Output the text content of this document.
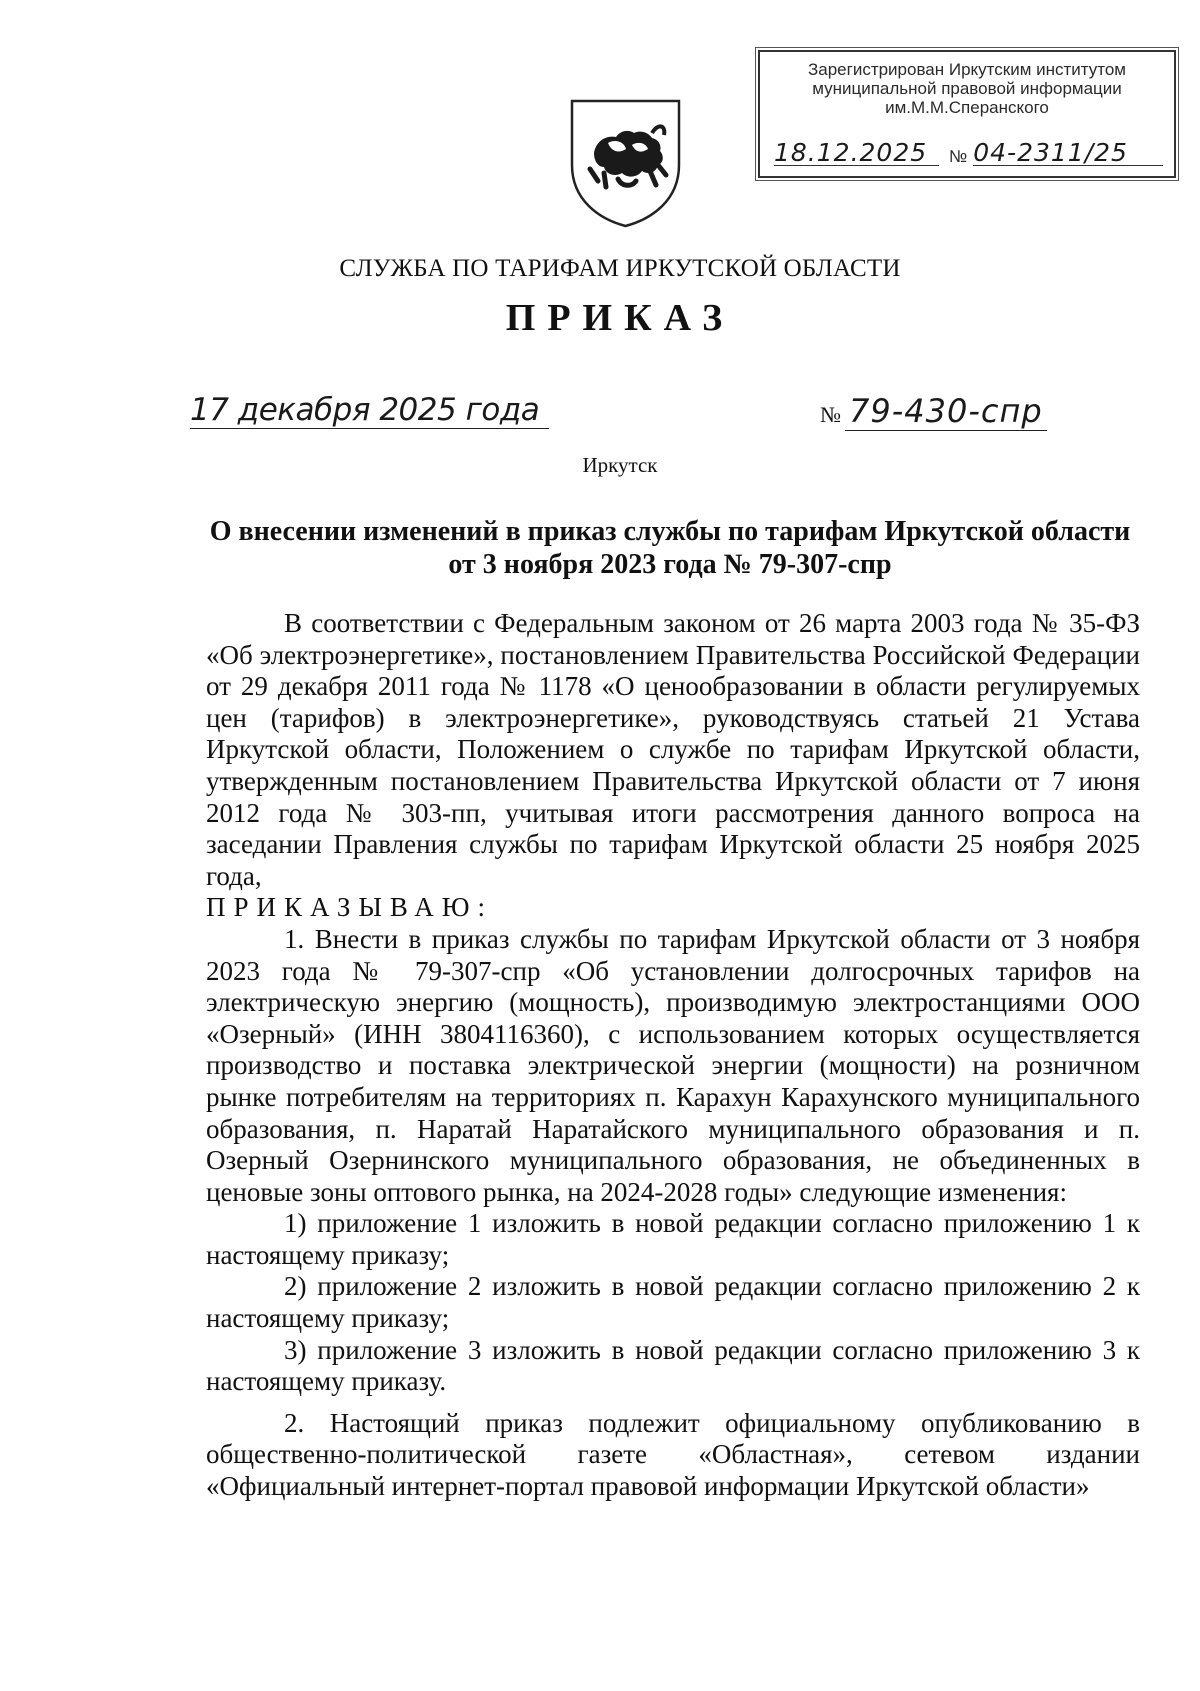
Зарегистрирован Иркутским институтом
муниципальной правовой информации
им.М.М.Сперанского
18.12.2025	№ 04-2311/25
СЛУЖБА ПО ТАРИФАМ ИРКУТСКОЙ ОБЛАСТИ
ПРИКАЗ
17 декабря 2025 года	№ 79-430-спр
Иркутск
О внесении изменений в приказ службы по тарифам Иркутской области
от 3 ноября 2023 года № 79-307-спр

В соответствии с Федеральным законом от 26 марта 2003 года № 35-ФЗ «Об электроэнергетике», постановлением Правительства Российской Федерации от 29 декабря 2011 года № 1178 «О ценообразовании в области регулируемых цен (тарифов) в электроэнергетике», руководствуясь статьей 21 Устава Иркутской области, Положением о службе по тарифам Иркутской области, утвержденным постановлением Правительства Иркутской области от 7 июня 2012 года № 303-пп, учитывая итоги рассмотрения данного вопроса на заседании Правления службы по тарифам Иркутской области 25 ноября 2025 года,

ПРИКАЗЫВАЮ:

1. Внести в приказ службы по тарифам Иркутской области от 3 ноября 2023 года № 79-307-спр «Об установлении долгосрочных тарифов на электрическую энергию (мощность), производимую электростанциями ООО «Озерный» (ИНН 3804116360), с использованием которых осуществляется производство и поставка электрической энергии (мощности) на розничном рынке потребителям на территориях п. Карахун Карахунского муниципального образования, п. Наратай Наратайского муниципального образования и п. Озерный Озернинского муниципального образования, не объединенных в ценовые зоны оптового рынка, на 2024-2028 годы» следующие изменения:

1) приложение 1 изложить в новой редакции согласно приложению 1 к настоящему приказу;

2) приложение 2 изложить в новой редакции согласно приложению 2 к настоящему приказу;

3) приложение 3 изложить в новой редакции согласно приложению 3 к настоящему приказу.

2. Настоящий приказ подлежит официальному опубликованию в общественно-политической газете «Областная», сетевом издании «Официальный интернет-портал правовой информации Иркутской области»
